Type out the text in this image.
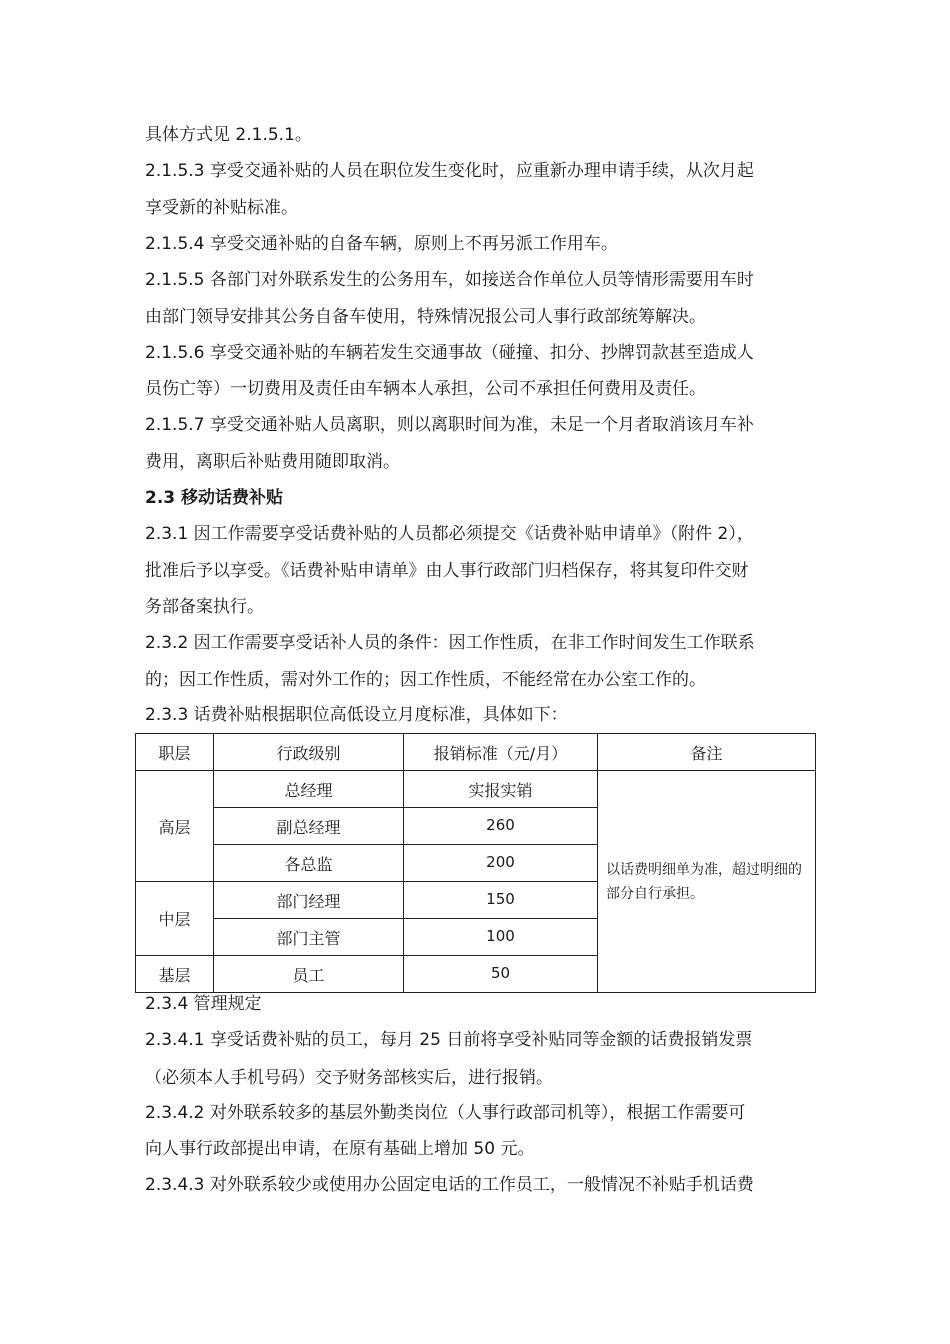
具体方式见 2.1.5.1。

2.1.5.3 享受交通补贴的人员在职位发生变化时，应重新办理申请手续，从次月起

享受新的补贴标准。

2.1.5.4 享受交通补贴的自备车辆，原则上不再另派工作用车。

2.1.5.5 各部门对外联系发生的公务用车，如接送合作单位人员等情形需要用车时

由部门领导安排其公务自备车使用，特殊情况报公司人事行政部统筹解决。

2.1.5.6 享受交通补贴的车辆若发生交通事故（碰撞、扣分、抄牌罚款甚至造成人

员伤亡等）一切费用及责任由车辆本人承担，公司不承担任何费用及责任。

2.1.5.7 享受交通补贴人员离职，则以离职时间为准，未足一个月者取消该月车补

费用，离职后补贴费用随即取消。

2.3 移动话费补贴

2.3.1 因工作需要享受话费补贴的人员都必须提交《话费补贴申请单》（附件 2），

批准后予以享受。《话费补贴申请单》由人事行政部门归档保存，将其复印件交财

务部备案执行。

2.3.2 因工作需要享受话补人员的条件：因工作性质，在非工作时间发生工作联系

的；因工作性质，需对外工作的；因工作性质，不能经常在办公室工作的。

2.3.3 话费补贴根据职位高低设立月度标准，具体如下：

职层	行政级别	报销标准（元/月）	备注
高层	总经理	实报实销	以话费明细单为准，超过明细的部分自行承担。
	副总经理	260	
	各总监	200	
中层	部门经理	150	
	部门主管	100	
基层	员工	50	

2.3.4 管理规定

2.3.4.1 享受话费补贴的员工，每月 25 日前将享受补贴同等金额的话费报销发票

（必须本人手机号码）交予财务部核实后，进行报销。

2.3.4.2 对外联系较多的基层外勤类岗位（人事行政部司机等），根据工作需要可

向人事行政部提出申请，在原有基础上增加 50 元。

2.3.4.3 对外联系较少或使用办公固定电话的工作员工，一般情况不补贴手机话费
